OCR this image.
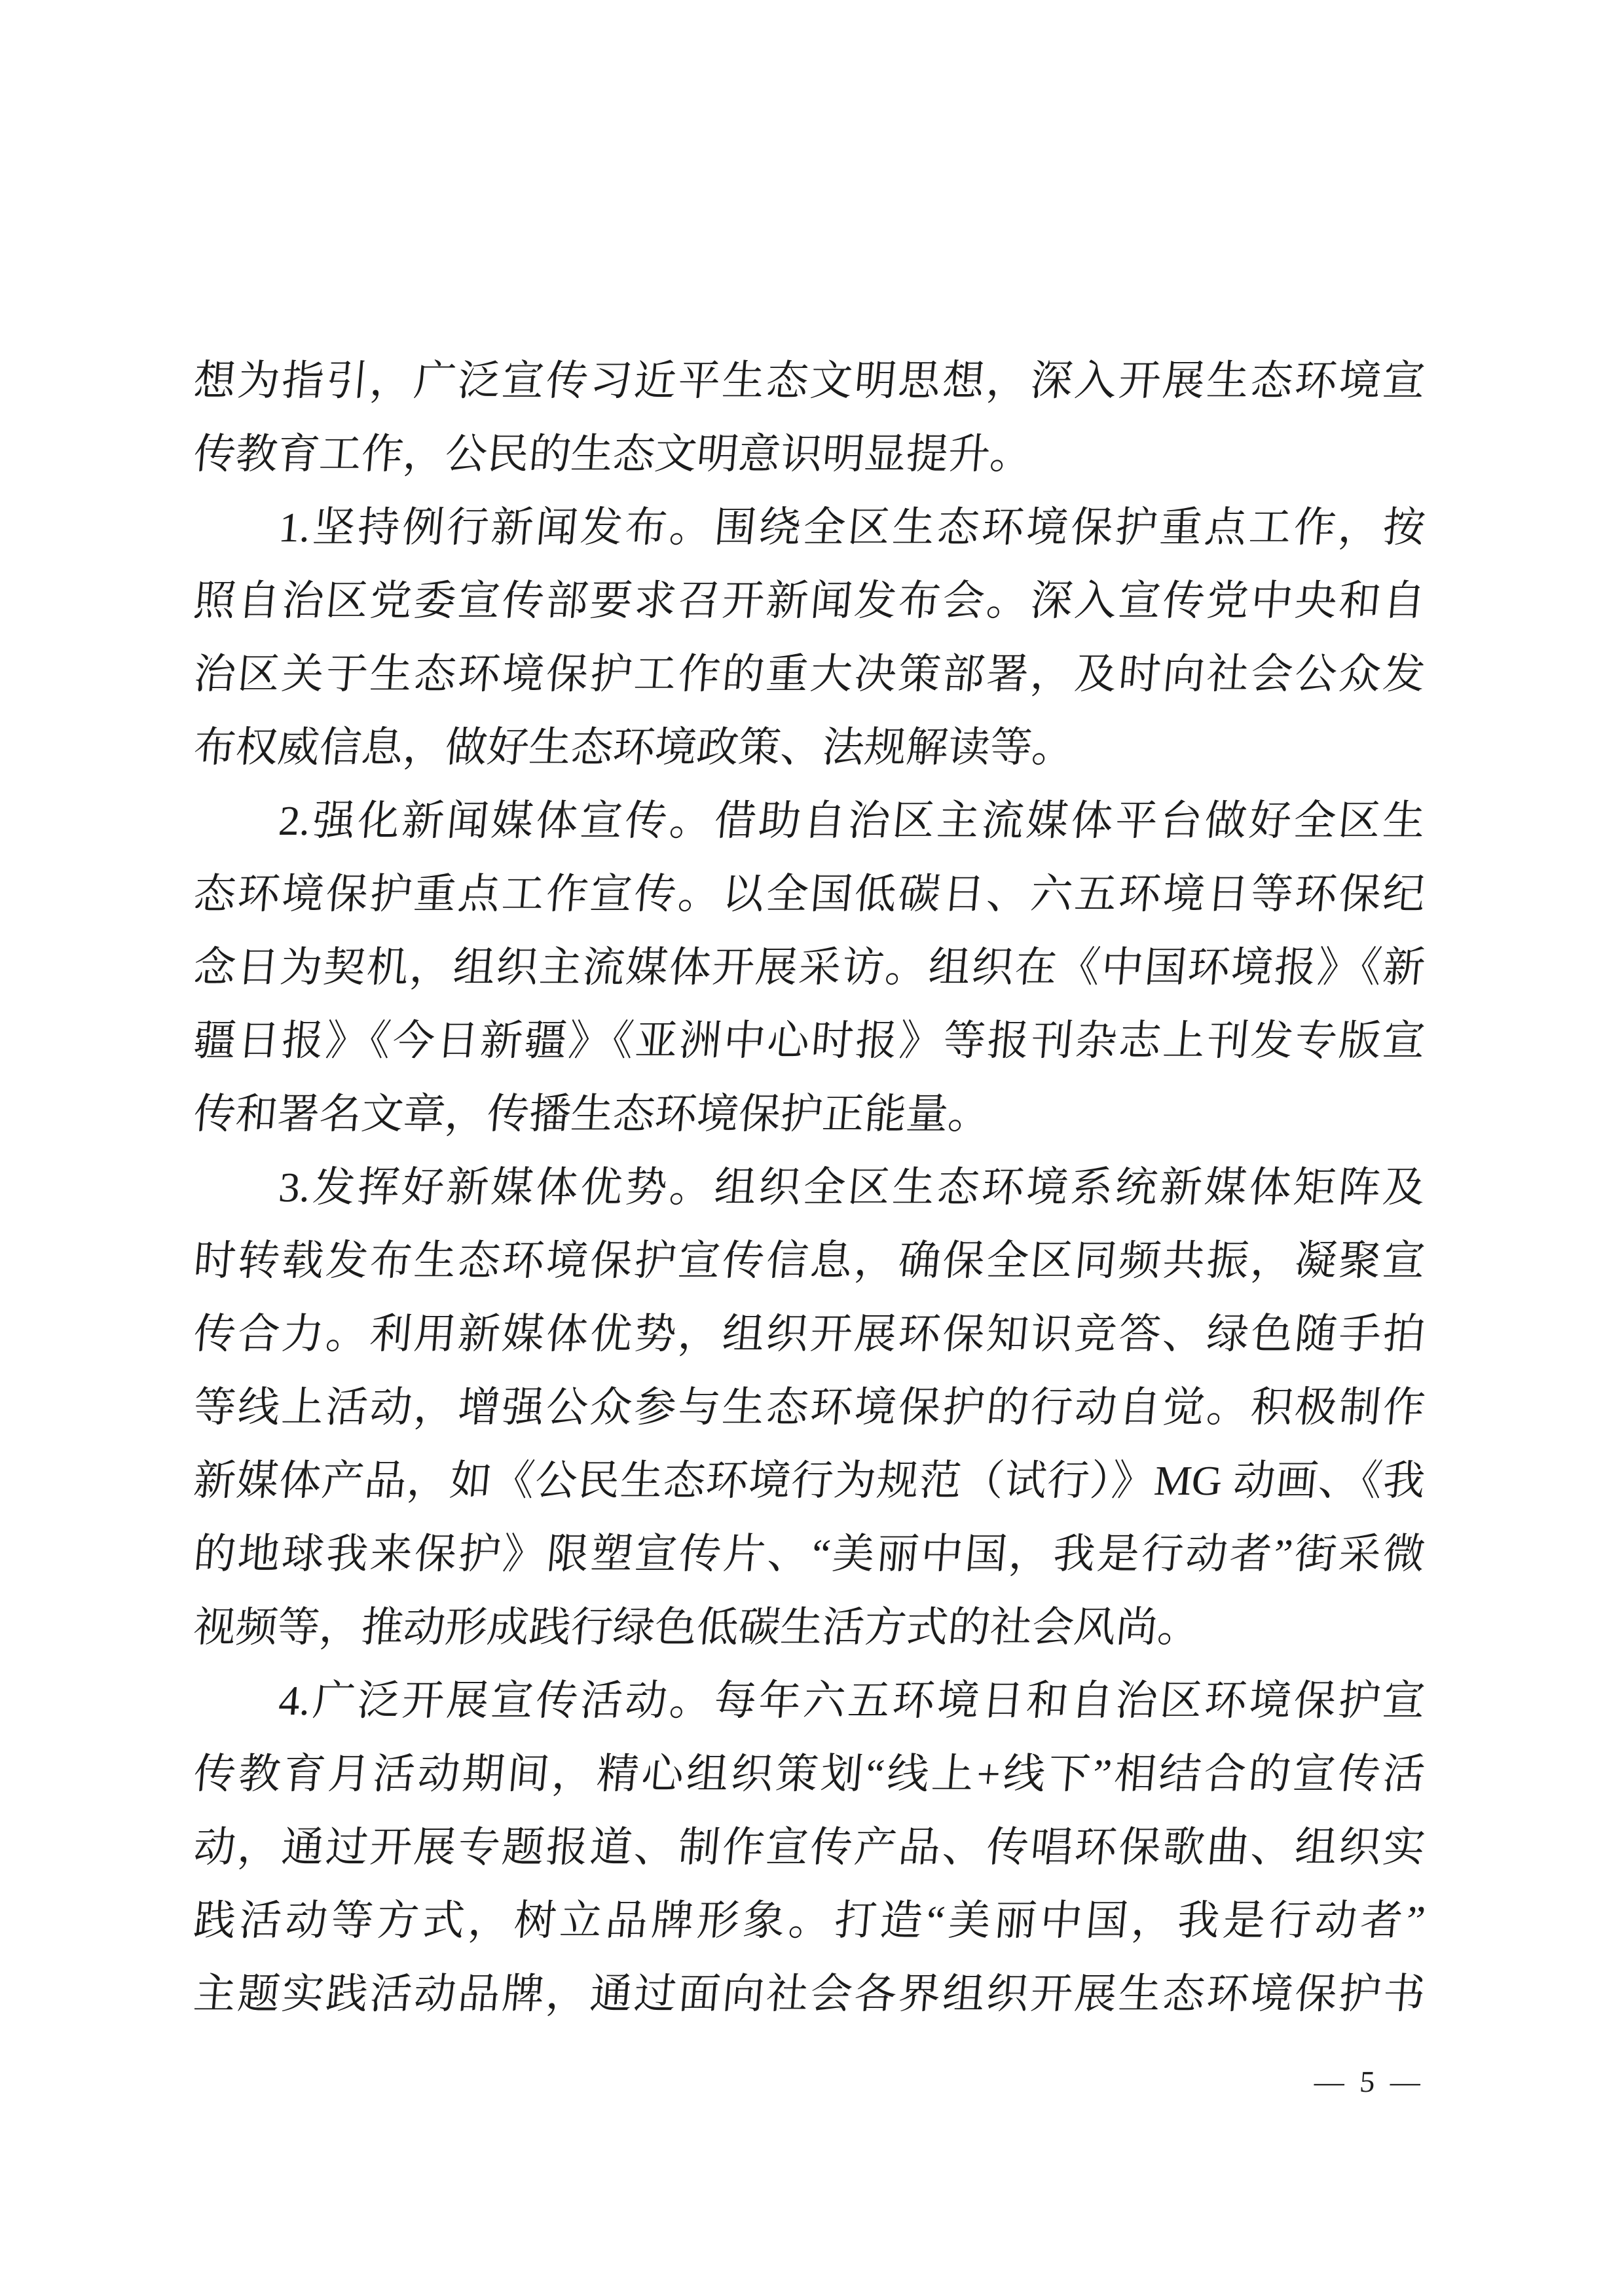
想为指引，广泛宣传习近平生态文明思想，深入开展生态环境宣
传教育工作，公民的生态文明意识明显提升。
1.坚持例行新闻发布。围绕全区生态环境保护重点工作，按
照自治区党委宣传部要求召开新闻发布会。深入宣传党中央和自
治区关于生态环境保护工作的重大决策部署，及时向社会公众发
布权威信息，做好生态环境政策、法规解读等。
2.强化新闻媒体宣传。借助自治区主流媒体平台做好全区生
态环境保护重点工作宣传。以全国低碳日、六五环境日等环保纪
念日为契机，组织主流媒体开展采访。组织在《中国环境报》《新
疆日报》《今日新疆》《亚洲中心时报》等报刊杂志上刊发专版宣
传和署名文章，传播生态环境保护正能量。
3.发挥好新媒体优势。组织全区生态环境系统新媒体矩阵及
时转载发布生态环境保护宣传信息，确保全区同频共振，凝聚宣
传合力。利用新媒体优势，组织开展环保知识竞答、绿色随手拍
等线上活动，增强公众参与生态环境保护的行动自觉。积极制作
新媒体产品，如《公民生态环境行为规范（试行）》MG 动画、《我
的地球我来保护》限塑宣传片、“美丽中国，我是行动者”街采微
视频等，推动形成践行绿色低碳生活方式的社会风尚。
4.广泛开展宣传活动。每年六五环境日和自治区环境保护宣
传教育月活动期间，精心组织策划“线上+线下”相结合的宣传活
动，通过开展专题报道、制作宣传产品、传唱环保歌曲、组织实
践活动等方式，树立品牌形象。打造“美丽中国，我是行动者”
主题实践活动品牌，通过面向社会各界组织开展生态环境保护书
— 5 —
